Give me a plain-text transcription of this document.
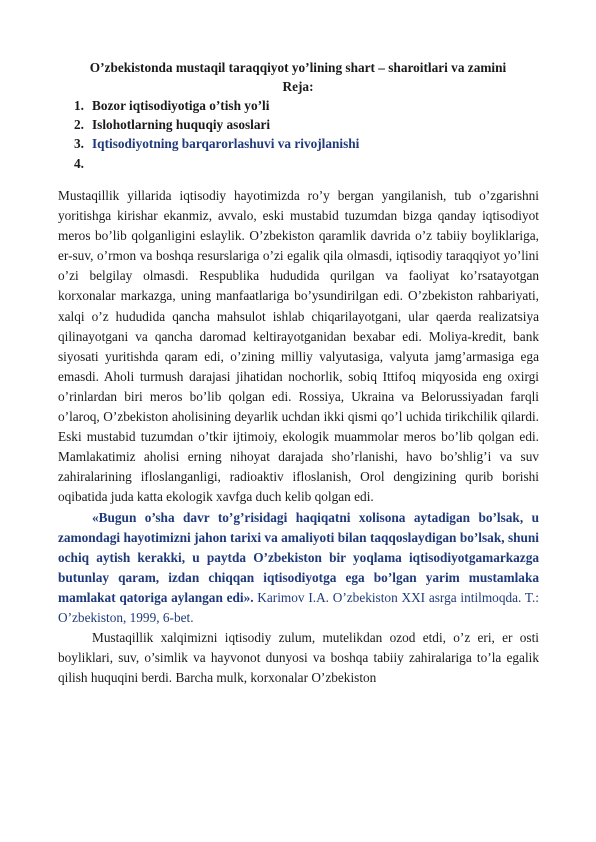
O’zbekistonda mustaqil taraqqiyot yo’lining shart – sharoitlari va zamini
Reja:
1. Bozor iqtisodiyotiga o’tish yo’li
2. Islohotlarning huquqiy asoslari
3. Iqtisodiyotning barqarorlashuvi va rivojlanishi
4.

Mustaqillik yillarida iqtisodiy hayotimizda ro’y bergan yangilanish, tub o’zgarishni yoritishga kirishar ekanmiz, avvalo, eski mustabid tuzumdan bizga qanday iqtisodiyot meros bo’lib qolganligini eslaylik. O’zbekiston qaramlik davrida o’z tabiiy boyliklariga, er-suv, o’rmon va boshqa resurslariga o’zi egalik qila olmasdi, iqtisodiy taraqqiyot yo’lini o’zi belgilay olmasdi. Respublika hududida qurilgan va faoliyat ko’rsatayotgan korxonalar markazga, uning manfaatlariga bo’ysundirilgan edi. O’zbekiston rahbariyati, xalqi o’z hududida qancha mahsulot ishlab chiqarilayotgani, ular qaerda realizatsiya qilinayotgani va qancha daromad keltirayotganidan bexabar edi. Moliya-kredit, bank siyosati yuritishda qaram edi, o’zining milliy valyutasiga, valyuta jamg’armasiga ega emasdi. Aholi turmush darajasi jihatidan nochorlik, sobiq Ittifoq miqyosida eng oxirgi o’rinlardan biri meros bo’lib qolgan edi. Rossiya, Ukraina va Belorussiyadan farqli o’laroq, O’zbekiston aholisining deyarlik uchdan ikki qismi qo’l uchida tirikchilik qilardi. Eski mustabid tuzumdan o’tkir ijtimoiy, ekologik muammolar meros bo’lib qolgan edi. Mamlakatimiz aholisi erning nihoyat darajada sho’rlanishi, havo bo’shlig’i va suv zahiralarining ifloslanganligi, radioaktiv ifloslanish, Orol dengizining qurib borishi oqibatida juda katta ekologik xavfga duch kelib qolgan edi.

«Bugun o’sha davr to’g’risidagi haqiqatni xolisona aytadigan bo’lsak, u zamondagi hayotimizni jahon tarixi va amaliyoti bilan taqqoslaydigan bo’lsak, shuni ochiq aytish kerakki, u paytda O’zbekiston bir yoqlama iqtisodiyotgamarkazga butunlay qaram, izdan chiqqan iqtisodiyotga ega bo’lgan yarim mustamlaka mamlakat qatoriga aylangan edi». Karimov I.A. O’zbekiston XXI asrga intilmoqda. T.: O’zbekiston, 1999, 6-bet.

Mustaqillik xalqimizni iqtisodiy zulum, mutelikdan ozod etdi, o’z eri, er osti boyliklari, suv, o’simlik va hayvonot dunyosi va boshqa tabiiy zahiralariga to’la egalik qilish huquqini berdi. Barcha mulk, korxonalar O’zbekiston
